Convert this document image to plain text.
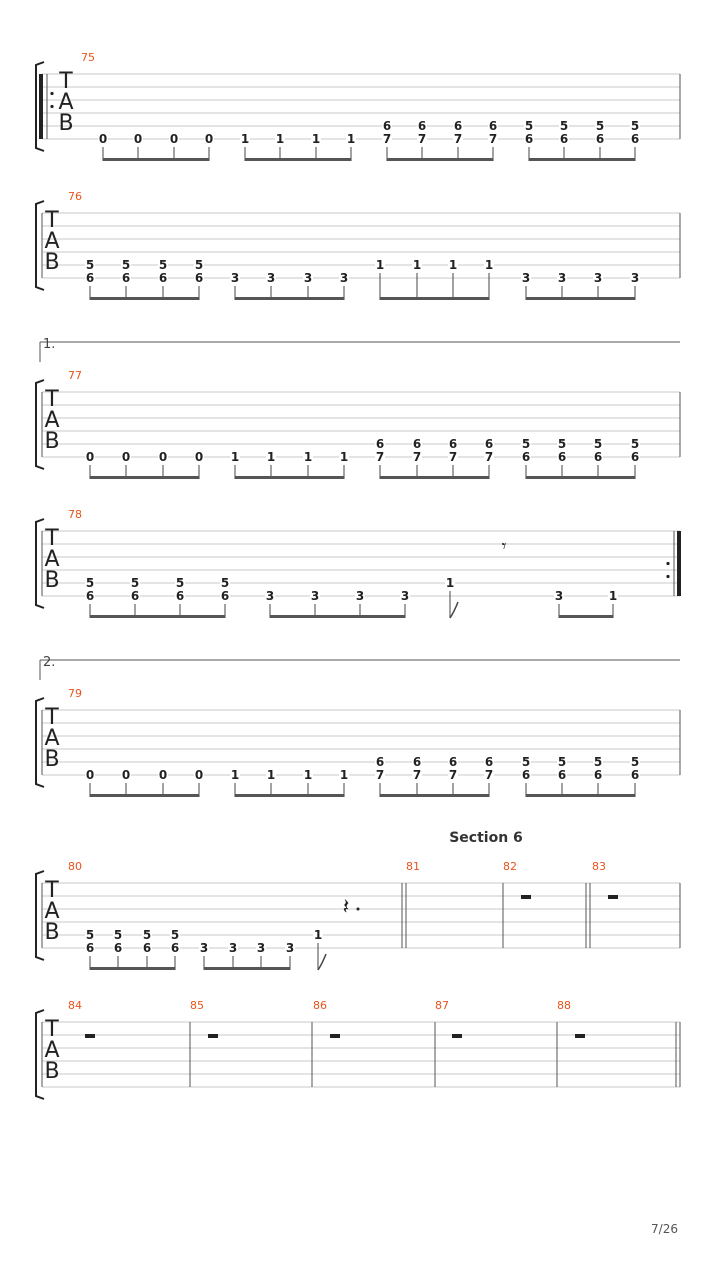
T
A
B
75
0 0 0 0 1 1 1 1
6
7
6
7
6
7
6
7
5
6
5
6
5
6
5
6
T
A
B
76
5
6
5
6
5
6
5
6 3 3 3 3
1 1 1 1
3 3 3 3
1.
T
A
B
77
0 0 0 0 1 1 1 1
6
7
6
7
6
7
6
7
5
6
5
6
5
6
5
6
T
A
B
78
5
6
5
6
5
6
5
6	3	3	3	3
1
𝄾
3	1
2.
T
A
B
79
0 0 0 0 1 1 1 1
6
7
6
7
6
7
6
7
5
6
5
6
5
6
5
6
T
A
B
80	81	82	83
5
6
5
6
5
6
5
6 3 3 3 3
1
𝄽
T
A
B
84	85	86	87	88
Section 6
7/26
